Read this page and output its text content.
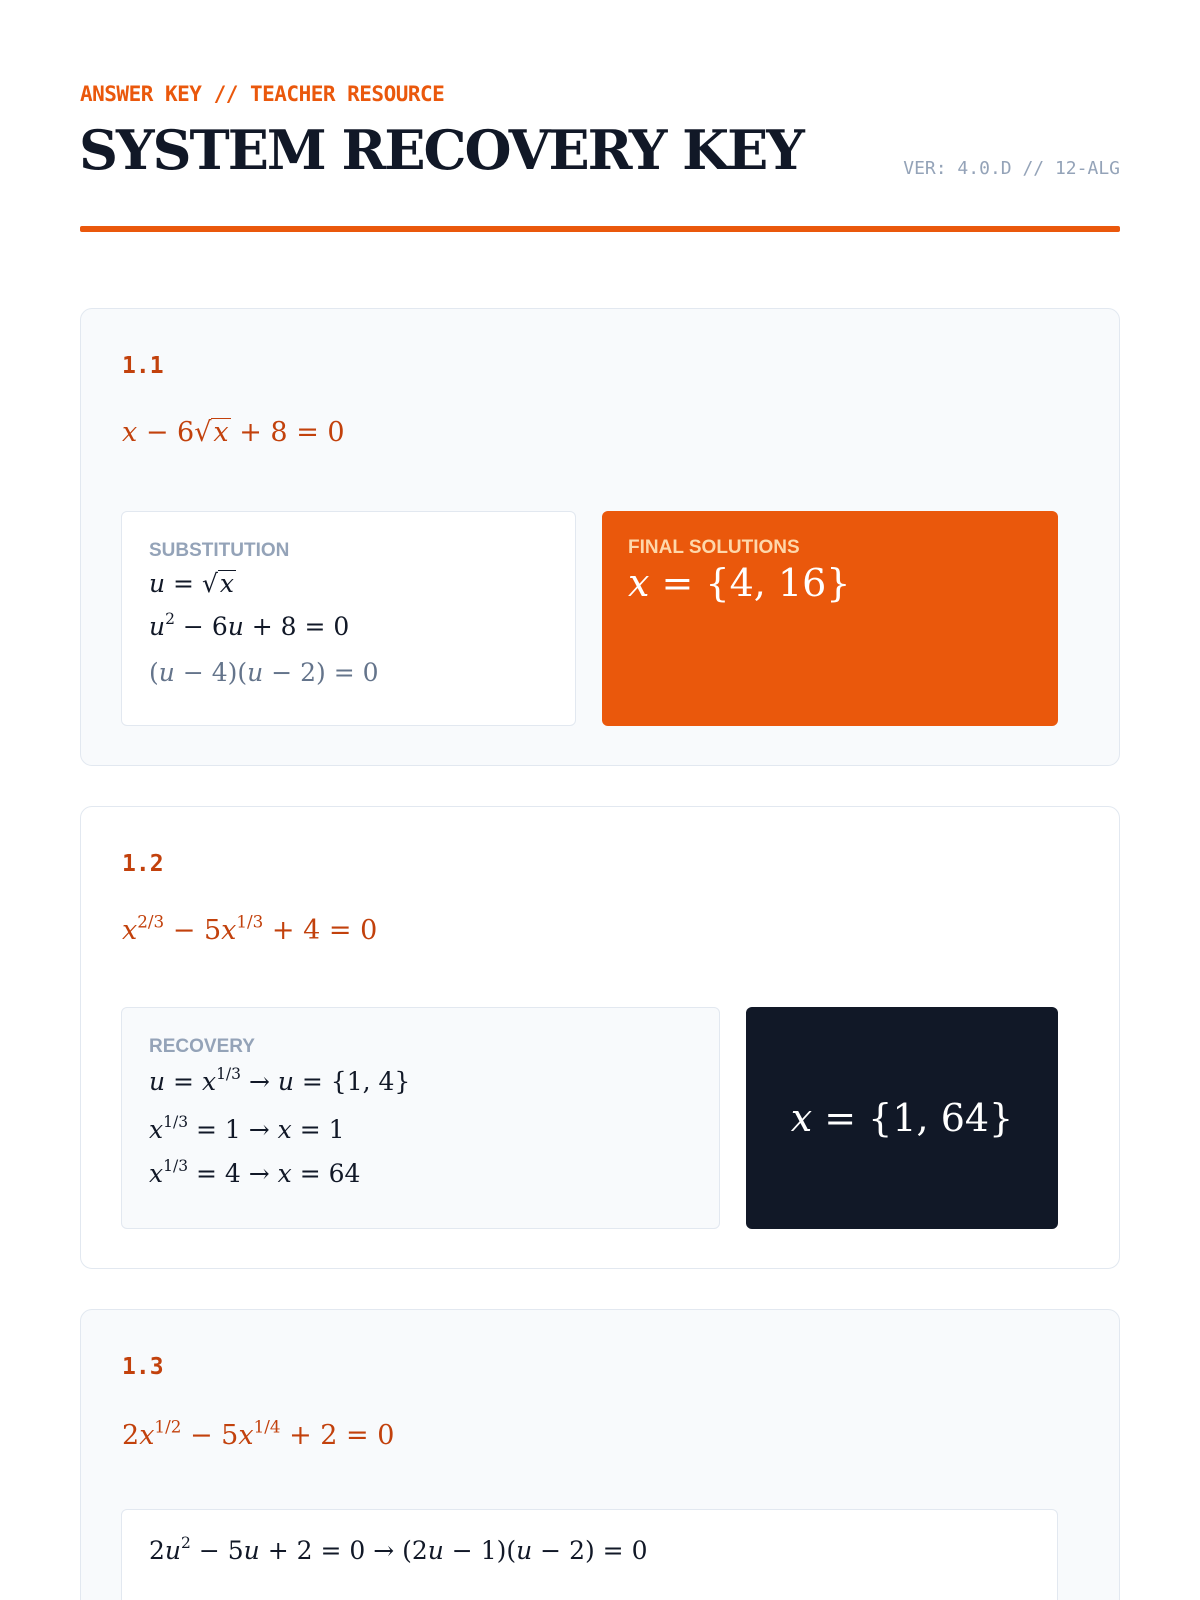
ANSWER KEY // TEACHER RESOURCE
SYSTEM RECOVERY KEY	VER: 4.0.D // 12-ALG
1.1
x − 6√x + 8 = 0
SUBSTITUTION
u = √x
$u^2 - 6u + 8 = 0$
(u − 4)(u − 2) = 0
FINAL SOLUTIONS
x = {4, 16}
1.2
$x^{2/3} - 5x^{1/3} + 4 = 0$
RECOVERY
$u = x^{1/3} \to u = \{1$, 4}
$x^{1/3} = 1 \to x = 1$
$x^{1/3} = 4 \to x = 64$
x = {1, 64}
1.3
$2x^{1/2} - 5x^{1/4} + 2 = 0$
$2u^2 - 5u + 2 = 0 \to (2u - 1)(u - 2) = 0$
